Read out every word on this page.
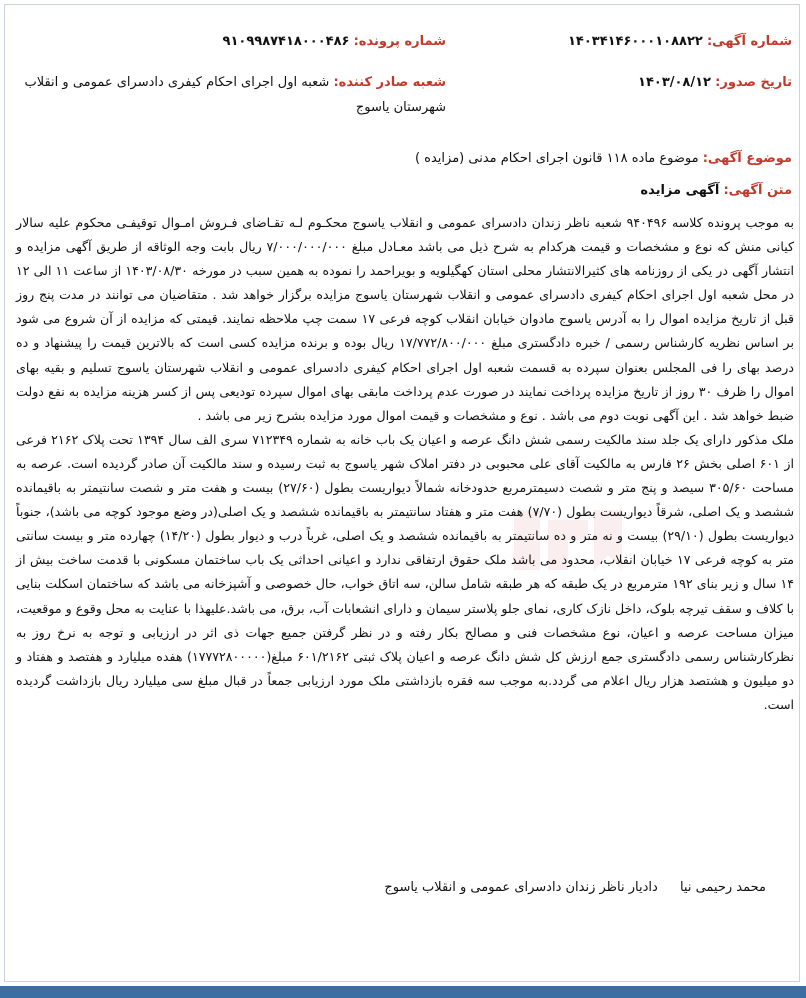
شماره آگهی: ۱۴۰۳۴۱۴۶۰۰۰۱۰۸۸۲۲
شماره پرونده: ۹۱۰۹۹۸۷۴۱۸۰۰۰۴۸۶
تاریخ صدور: ۱۴۰۳/۰۸/۱۲
شعبه صادر کننده: شعبه اول اجرای احکام کیفری دادسرای عمومی و انقلاب
شهرستان یاسوج
موضوع آگهی: موضوع ماده ۱۱۸ قانون اجرای احکام مدنی (مزایده )
متن آگهی: آگهی مزایده

به موجب پرونده کلاسه ۹۴۰۴۹۶ شعبه ناظر زندان دادسرای عمومی و انقلاب یاسوج محکـوم لـه تقـاضای فـروش امـوال توقیفـی محکوم علیه سالار کیانی منش که نوع و مشخصات و قیمت هرکدام به شرح ذیل می باشد معـادل مبلغ ۷/۰۰۰/۰۰۰/۰۰۰ ریال بابت وجه الوثاقه از طریق آگهی مزایده و انتشار آگهی در یکی از روزنامه های کثیرالانتشار محلی استان کهگیلویه و بویراحمد را نموده به همین سبب در مورخه ۱۴۰۳/۰۸/۳۰ از ساعت ۱۱ الی ۱۲ در محل شعبه اول اجرای احکام کیفری دادسرای عمومی و انقلاب شهرستان یاسوج مزایده برگزار خواهد شد . متقاضیان می توانند در مدت پنج روز قبل از تاریخ مزایده اموال را به آدرس یاسوج مادوان خیابان انقلاب کوچه فرعی ۱۷ سمت چپ ملاحظه نمایند. قیمتی که مزایده از آن شروع می شود بر اساس نظریه کارشناس رسمی / خبره دادگستری مبلغ ۱۷/۷۷۲/۸۰۰/۰۰۰ ریال بوده و برنده مزایده کسی است که بالاترین قیمت را پیشنهاد و ده درصد بهای را فی المجلس بعنوان سپرده به قسمت شعبه اول اجرای احکام کیفری دادسرای عمومی و انقلاب شهرستان یاسوج تسلیم و بقیه بهای اموال را ظرف ۳۰ روز از تاریخ مزایده پرداخت نمایند در صورت عدم پرداخت مابقی بهای اموال سپرده تودیعی پس از کسر هزینه مزایده به نفع دولت ضبط خواهد شد . این آگهی نوبت دوم می باشد . نوع و مشخصات و قیمت اموال مورد مزایده بشرح زیر می باشد .

ملک مذکور دارای یک جلد سند مالکیت رسمی شش دانگ عرصه و اعیان یک باب خانه به شماره ۷۱۲۳۴۹ سری الف سال ۱۳۹۴ تحت پلاک ۲۱۶۲ فرعی از ۶۰۱ اصلی بخش ۲۶ فارس به مالکیت آقای علی محبوبی در دفتر املاک شهر یاسوج به ثبت رسیده و سند مالکیت آن صادر گردیده است. عرصه به مساحت ۳۰۵/۶۰ سیصد و پنج متر و شصت دسیمترمربع حدودخانه شمالاً دیواریست بطول (۲۷/۶۰) بیست و هفت متر و شصت سانتیمتر به باقیمانده ششصد و یک اصلی، شرقاً دیواریست بطول (۷/۷۰) هفت متر و هفتاد سانتیمتر به باقیمانده ششصد و یک اصلی(در وضع موجود کوچه می باشد)، جنوباً دیواریست بطول (۲۹/۱۰) بیست و نه متر و ده سانتیمتر به باقیمانده ششصد و یک اصلی، غرباً درب و دیوار بطول (۱۴/۲۰) چهارده متر و بیست سانتی متر به کوچه فرعی ۱۷ خیابان انقلاب، محدود می باشد ملک حقوق ارتفاقی ندارد و اعیانی احداثی یک باب ساختمان مسکونی با قدمت ساخت بیش از ۱۴ سال و زیر بنای ۱۹۲ مترمربع در یک طبقه که هر طبقه شامل سالن، سه اتاق خواب، حال خصوصی و آشپزخانه می باشد که ساختمان اسکلت بنایی با کلاف و سقف تیرچه بلوک، داخل نازک کاری، نمای جلو پلاستر سیمان و دارای انشعابات آب، برق، می باشد.علیهذا با عنایت به محل وقوع و موقعیت، میزان مساحت عرصه و اعیان، نوع مشخصات فنی و مصالح بکار رفته و در نظر گرفتن جمیع جهات ذی اثر در ارزیابی و توجه به نرخ روز به نظرکارشناس رسمی دادگستری جمع ارزش کل شش دانگ عرصه و اعیان پلاک ثبتی ۶۰۱/۲۱۶۲ مبلغ(۱۷۷۷۲۸۰۰۰۰۰) هفده میلیارد و هفتصد و هفتاد و دو میلیون و هشتصد هزار ریال اعلام می گردد.به موجب سه فقره بازداشتی ملک مورد ارزیابی جمعاً در قبال مبلغ سی میلیارد ریال بازداشت گردیده است.

محمد رحیمی نیا دادیار ناظر زندان دادسرای عمومی و انقلاب یاسوج
